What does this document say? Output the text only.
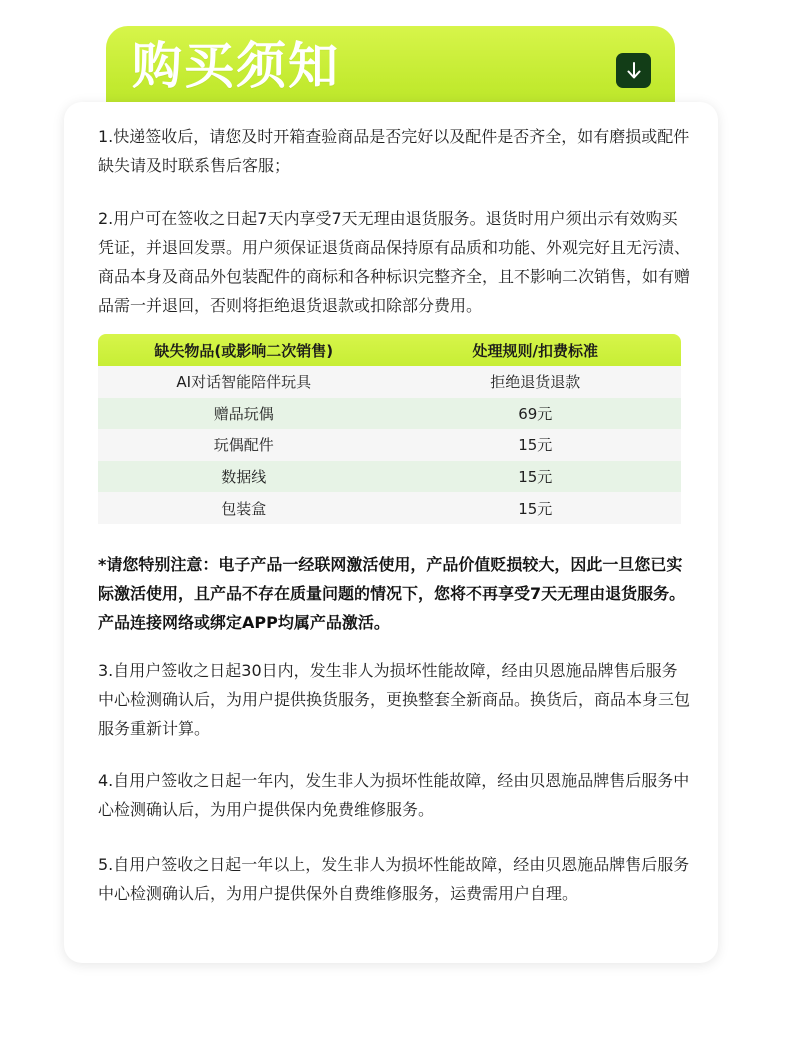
购买须知

1.快递签收后，请您及时开箱查验商品是否完好以及配件是否齐全，如有磨损或配件缺失请及时联系售后客服；

2.用户可在签收之日起7天内享受7天无理由退货服务。退货时用户须出示有效购买凭证，并退回发票。用户须保证退货商品保持原有品质和功能、外观完好且无污渍、商品本身及商品外包装配件的商标和各种标识完整齐全，且不影响二次销售，如有赠品需一并退回，否则将拒绝退货退款或扣除部分费用。

缺失物品(或影响二次销售)	处理规则/扣费标准
AI对话智能陪伴玩具	拒绝退货退款
赠品玩偶	69元
玩偶配件	15元
数据线	15元
包装盒	15元

*请您特别注意：电子产品一经联网激活使用，产品价值贬损较大，因此一旦您已实际激活使用，且产品不存在质量问题的情况下，您将不再享受7天无理由退货服务。产品连接网络或绑定APP均属产品激活。

3.自用户签收之日起30日内，发生非人为损坏性能故障，经由贝恩施品牌售后服务中心检测确认后，为用户提供换货服务，更换整套全新商品。换货后，商品本身三包服务重新计算。

4.自用户签收之日起一年内，发生非人为损坏性能故障，经由贝恩施品牌售后服务中心检测确认后，为用户提供保内免费维修服务。

5.自用户签收之日起一年以上，发生非人为损坏性能故障，经由贝恩施品牌售后服务中心检测确认后，为用户提供保外自费维修服务，运费需用户自理。
